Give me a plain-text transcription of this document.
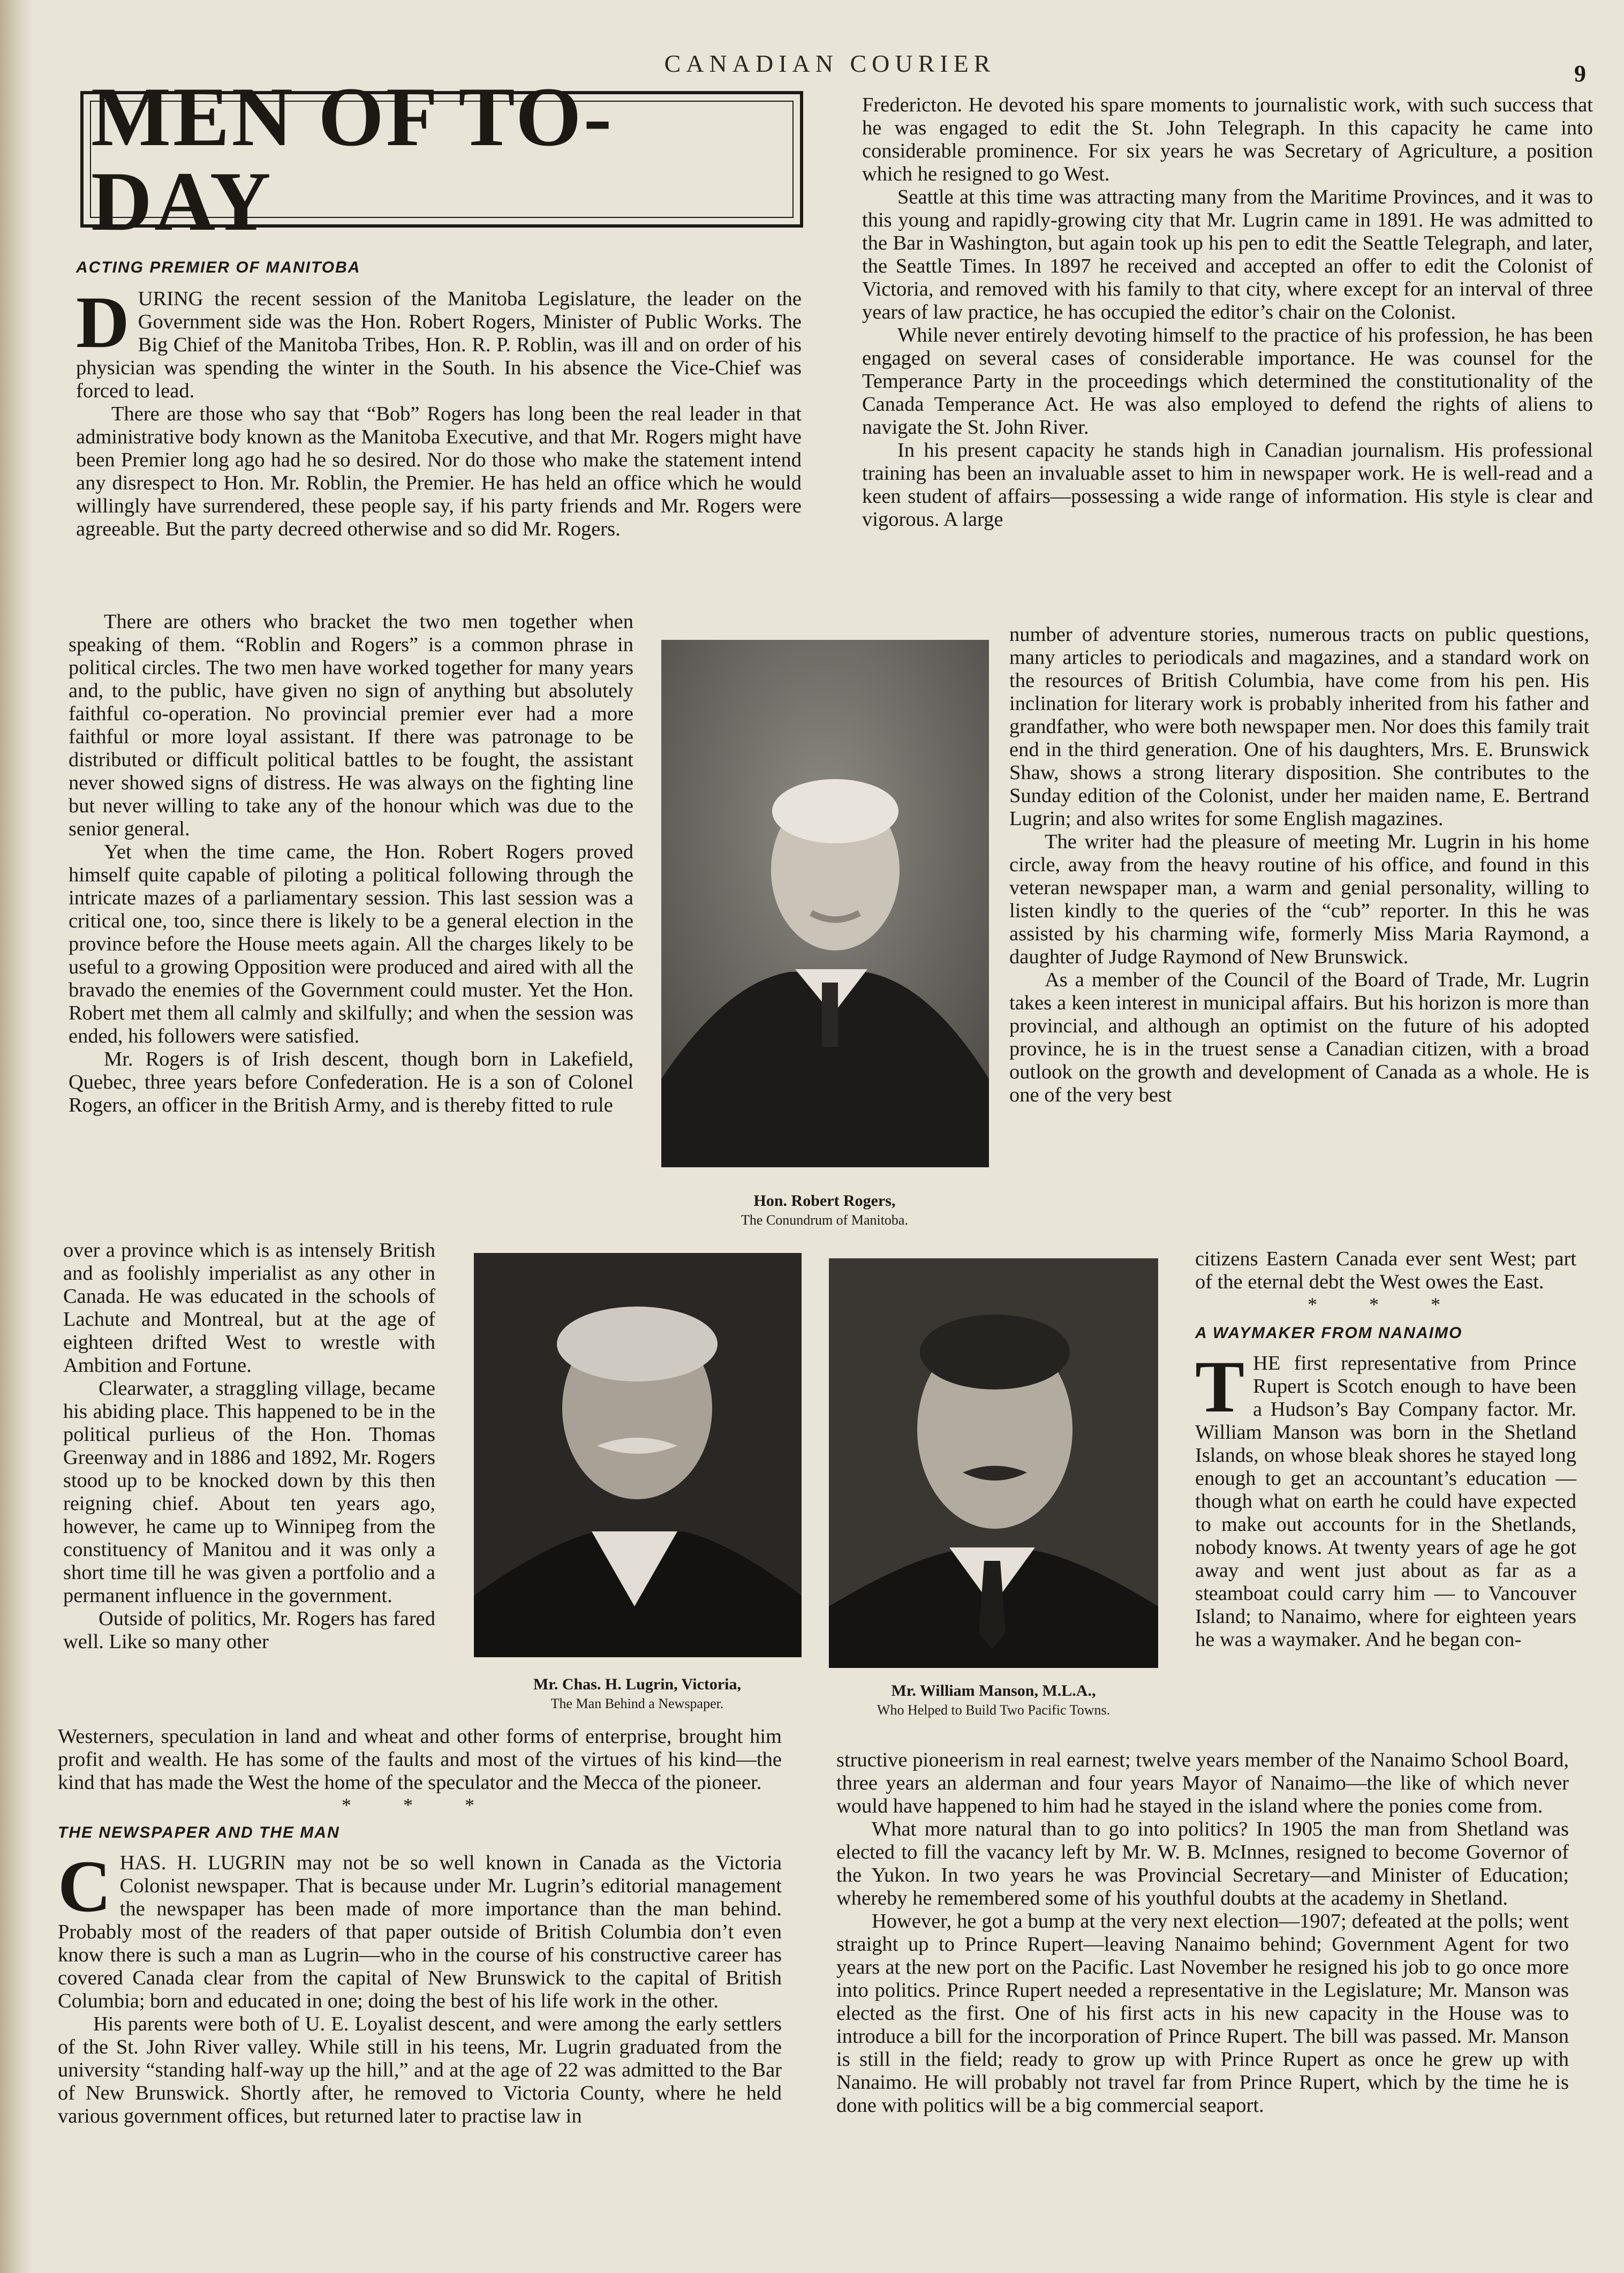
CANADIAN COURIER	9
MEN OF TO-DAY

ACTING PREMIER OF MANITOBA

DURING the recent session of the Manitoba Legislature, the leader on the Government side was the Hon. Robert Rogers, Minister of Public Works. The Big Chief of the Manitoba Tribes, Hon. R. P. Roblin, was ill and on order of his physician was spending the winter in the South. In his absence the Vice-Chief was forced to lead.

There are those who say that “Bob” Rogers has long been the real leader in that administrative body known as the Manitoba Executive, and that Mr. Rogers might have been Premier long ago had he so desired. Nor do those who make the statement intend any disrespect to Hon. Mr. Roblin, the Premier. He has held an office which he would willingly have surrendered, these people say, if his party friends and Mr. Rogers were agreeable. But the party decreed otherwise and so did Mr. Rogers.

There are others who bracket the two men together when speaking of them. “Roblin and Rogers” is a common phrase in political circles. The two men have worked together for many years and, to the public, have given no sign of anything but absolutely faithful co-operation. No provincial premier ever had a more faithful or more loyal assistant. If there was patronage to be distributed or difficult political battles to be fought, the assistant never showed signs of distress. He was always on the fighting line but never willing to take any of the honour which was due to the senior general.

Yet when the time came, the Hon. Robert Rogers proved himself quite capable of piloting a political following through the intricate mazes of a parliamentary session. This last session was a critical one, too, since there is likely to be a general election in the province before the House meets again. All the charges likely to be useful to a growing Opposition were produced and aired with all the bravado the enemies of the Government could muster. Yet the Hon. Robert met them all calmly and skilfully; and when the session was ended, his followers were satisfied.

Mr. Rogers is of Irish descent, though born in Lakefield, Quebec, three years before Confederation. He is a son of Colonel Rogers, an officer in the British Army, and is thereby fitted to rule

over a province which is as intensely British and as foolishly imperialist as any other in Canada. He was educated in the schools of Lachute and Montreal, but at the age of eighteen drifted West to wrestle with Ambition and Fortune.

Clearwater, a straggling village, became his abiding place. This happened to be in the political purlieus of the Hon. Thomas Greenway and in 1886 and 1892, Mr. Rogers stood up to be knocked down by this then reigning chief. About ten years ago, however, he came up to Winnipeg from the constituency of Manitou and it was only a short time till he was given a portfolio and a permanent influence in the government.

Outside of politics, Mr. Rogers has fared well. Like so many other

Westerners, speculation in land and wheat and other forms of enterprise, brought him profit and wealth. He has some of the faults and most of the virtues of his kind—the kind that has made the West the home of the speculator and the Mecca of the pioneer.

* * *

THE NEWSPAPER AND THE MAN

CHAS. H. LUGRIN may not be so well known in Canada as the Victoria Colonist newspaper. That is because under Mr. Lugrin’s editorial management the newspaper has been made of more importance than the man behind. Probably most of the readers of that paper outside of British Columbia don’t even know there is such a man as Lugrin—who in the course of his constructive career has covered Canada clear from the capital of New Brunswick to the capital of British Columbia; born and educated in one; doing the best of his life work in the other.

His parents were both of U. E. Loyalist descent, and were among the early settlers of the St. John River valley. While still in his teens, Mr. Lugrin graduated from the university “standing half-way up the hill,” and at the age of 22 was admitted to the Bar of New Brunswick. Shortly after, he removed to Victoria County, where he held various government offices, but returned later to practise law in

Fredericton. He devoted his spare moments to journalistic work, with such success that he was engaged to edit the St. John Telegraph. In this capacity he came into considerable prominence. For six years he was Secretary of Agriculture, a position which he resigned to go West.

Seattle at this time was attracting many from the Maritime Provinces, and it was to this young and rapidly-growing city that Mr. Lugrin came in 1891. He was admitted to the Bar in Washington, but again took up his pen to edit the Seattle Telegraph, and later, the Seattle Times. In 1897 he received and accepted an offer to edit the Colonist of Victoria, and removed with his family to that city, where except for an interval of three years of law practice, he has occupied the editor’s chair on the Colonist.

While never entirely devoting himself to the practice of his profession, he has been engaged on several cases of considerable importance. He was counsel for the Temperance Party in the proceedings which determined the constitutionality of the Canada Temperance Act. He was also employed to defend the rights of aliens to navigate the St. John River.

In his present capacity he stands high in Canadian journalism. His professional training has been an invaluable asset to him in newspaper work. He is well-read and a keen student of affairs—possessing a wide range of information. His style is clear and vigorous. A large

number of adventure stories, numerous tracts on public questions, many articles to periodicals and magazines, and a standard work on the resources of British Columbia, have come from his pen. His inclination for literary work is probably inherited from his father and grandfather, who were both newspaper men. Nor does this family trait end in the third generation. One of his daughters, Mrs. E. Brunswick Shaw, shows a strong literary disposition. She contributes to the Sunday edition of the Colonist, under her maiden name, E. Bertrand Lugrin; and also writes for some English magazines.

The writer had the pleasure of meeting Mr. Lugrin in his home circle, away from the heavy routine of his office, and found in this veteran newspaper man, a warm and genial personality, willing to listen kindly to the queries of the “cub” reporter. In this he was assisted by his charming wife, formerly Miss Maria Raymond, a daughter of Judge Raymond of New Brunswick.

As a member of the Council of the Board of Trade, Mr. Lugrin takes a keen interest in municipal affairs. But his horizon is more than provincial, and although an optimist on the future of his adopted province, he is in the truest sense a Canadian citizen, with a broad outlook on the growth and development of Canada as a whole. He is one of the very best

citizens Eastern Canada ever sent West; part of the eternal debt the West owes the East.

* * *

A WAYMAKER FROM NANAIMO

THE first representative from Prince Rupert is Scotch enough to have been a Hudson’s Bay Company factor. Mr. William Manson was born in the Shetland Islands, on whose bleak shores he stayed long enough to get an accountant’s education — though what on earth he could have expected to make out accounts for in the Shetlands, nobody knows. At twenty years of age he got away and went just about as far as a steamboat could carry him — to Vancouver Island; to Nanaimo, where for eighteen years he was a waymaker. And he began con-

structive pioneerism in real earnest; twelve years member of the Nanaimo School Board, three years an alderman and four years Mayor of Nanaimo—the like of which never would have happened to him had he stayed in the island where the ponies come from.

What more natural than to go into politics? In 1905 the man from Shetland was elected to fill the vacancy left by Mr. W. B. McInnes, resigned to become Governor of the Yukon. In two years he was Provincial Secretary—and Minister of Education; whereby he remembered some of his youthful doubts at the academy in Shetland.

However, he got a bump at the very next election—1907; defeated at the polls; went straight up to Prince Rupert—leaving Nanaimo behind; Government Agent for two years at the new port on the Pacific. Last November he resigned his job to go once more into politics. Prince Rupert needed a representative in the Legislature; Mr. Manson was elected as the first. One of his first acts in his new capacity in the House was to introduce a bill for the incorporation of Prince Rupert. The bill was passed. Mr. Manson is still in the field; ready to grow up with Prince Rupert as once he grew up with Nanaimo. He will probably not travel far from Prince Rupert, which by the time he is done with politics will be a big commercial seaport.

Hon. Robert Rogers,
The Conundrum of Manitoba.
Mr. Chas. H. Lugrin, Victoria,
The Man Behind a Newspaper.
Mr. William Manson, M.L.A.,
Who Helped to Build Two Pacific Towns.
